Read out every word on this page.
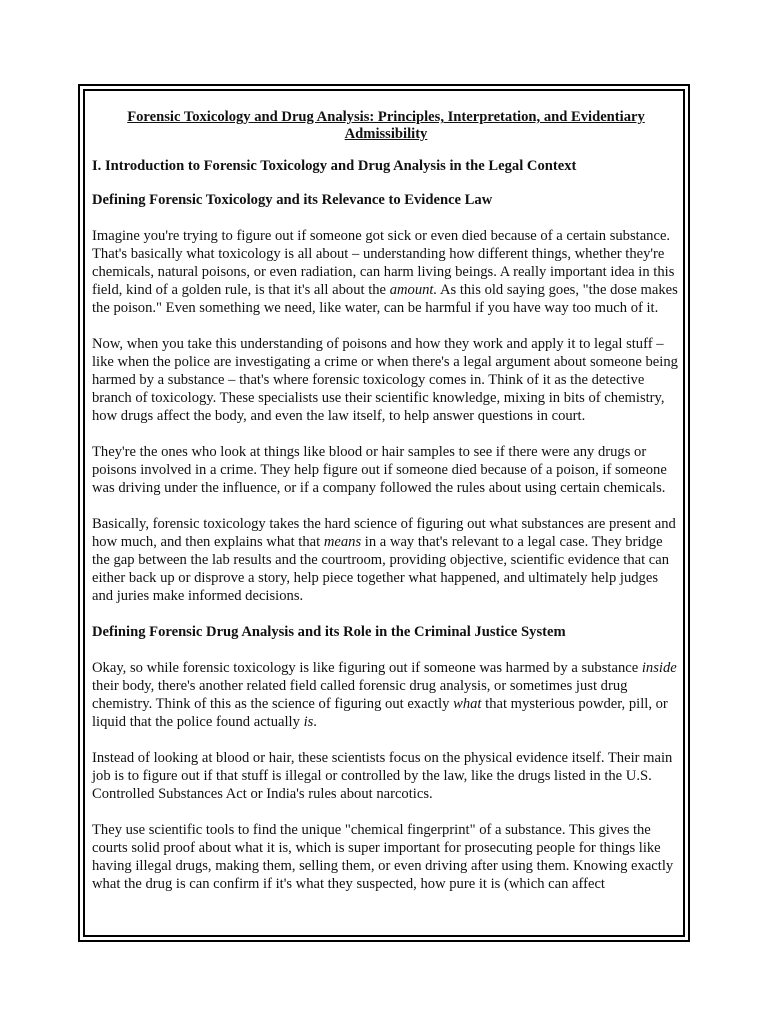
Forensic Toxicology and Drug Analysis: Principles, Interpretation, and Evidentiary Admissibility
I. Introduction to Forensic Toxicology and Drug Analysis in the Legal Context
Defining Forensic Toxicology and its Relevance to Evidence Law

Imagine you're trying to figure out if someone got sick or even died because of a certain substance. That's basically what toxicology is all about – understanding how different things, whether they're chemicals, natural poisons, or even radiation, can harm living beings. A really important idea in this field, kind of a golden rule, is that it's all about the amount. As this old saying goes, "the dose makes the poison." Even something we need, like water, can be harmful if you have way too much of it.

Now, when you take this understanding of poisons and how they work and apply it to legal stuff – like when the police are investigating a crime or when there's a legal argument about someone being harmed by a substance – that's where forensic toxicology comes in. Think of it as the detective branch of toxicology. These specialists use their scientific knowledge, mixing in bits of chemistry, how drugs affect the body, and even the law itself, to help answer questions in court.

They're the ones who look at things like blood or hair samples to see if there were any drugs or poisons involved in a crime. They help figure out if someone died because of a poison, if someone was driving under the influence, or if a company followed the rules about using certain chemicals.

Basically, forensic toxicology takes the hard science of figuring out what substances are present and how much, and then explains what that means in a way that's relevant to a legal case. They bridge the gap between the lab results and the courtroom, providing objective, scientific evidence that can either back up or disprove a story, help piece together what happened, and ultimately help judges and juries make informed decisions.

Defining Forensic Drug Analysis and its Role in the Criminal Justice System

Okay, so while forensic toxicology is like figuring out if someone was harmed by a substance inside their body, there's another related field called forensic drug analysis, or sometimes just drug chemistry. Think of this as the science of figuring out exactly what that mysterious powder, pill, or liquid that the police found actually is.

Instead of looking at blood or hair, these scientists focus on the physical evidence itself. Their main job is to figure out if that stuff is illegal or controlled by the law, like the drugs listed in the U.S. Controlled Substances Act or India's rules about narcotics.

They use scientific tools to find the unique "chemical fingerprint" of a substance. This gives the courts solid proof about what it is, which is super important for prosecuting people for things like having illegal drugs, making them, selling them, or even driving after using them. Knowing exactly what the drug is can confirm if it's what they suspected, how pure it is (which can affect
